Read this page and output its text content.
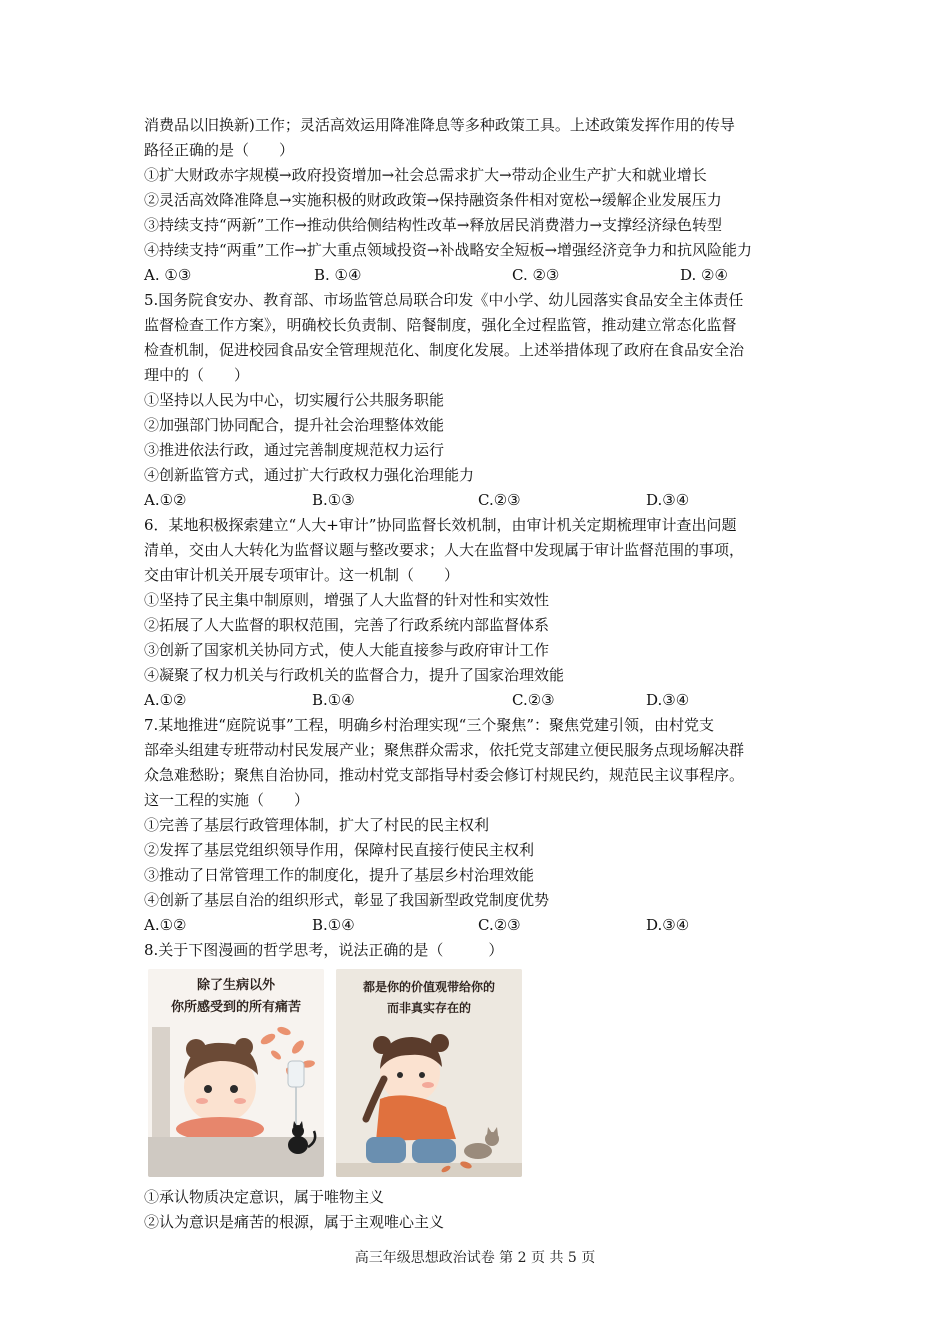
消费品以旧换新)工作；灵活高效运用降准降息等多种政策工具。上述政策发挥作用的传导

路径正确的是（　　）

①扩大财政赤字规模→政府投资增加→社会总需求扩大→带动企业生产扩大和就业增长

②灵活高效降准降息→实施积极的财政政策→保持融资条件相对宽松→缓解企业发展压力

③持续支持“两新”工作→推动供给侧结构性改革→释放居民消费潜力→支撑经济绿色转型

④持续支持“两重”工作→扩大重点领域投资→补战略安全短板→增强经济竞争力和抗风险能力

A. ①③	B. ①④	C. ②③	D. ②④

5.国务院食安办、教育部、市场监管总局联合印发《中小学、幼儿园落实食品安全主体责任

监督检查工作方案》，明确校长负责制、陪餐制度，强化全过程监管，推动建立常态化监督

检查机制，促进校园食品安全管理规范化、制度化发展。上述举措体现了政府在食品安全治

理中的（　　）

①坚持以人民为中心，切实履行公共服务职能

②加强部门协同配合，提升社会治理整体效能

③推进依法行政，通过完善制度规范权力运行

④创新监管方式，通过扩大行政权力强化治理能力

A.①②	B.①③	C.②③	D.③④

6．某地积极探索建立“人大+审计”协同监督长效机制，由审计机关定期梳理审计查出问题

清单，交由人大转化为监督议题与整改要求；人大在监督中发现属于审计监督范围的事项，

交由审计机关开展专项审计。这一机制（　　）

①坚持了民主集中制原则，增强了人大监督的针对性和实效性

②拓展了人大监督的职权范围，完善了行政系统内部监督体系

③创新了国家机关协同方式，使人大能直接参与政府审计工作

④凝聚了权力机关与行政机关的监督合力，提升了国家治理效能

A.①②	B.①④	C.②③	D.③④

7.某地推进“庭院说事”工程，明确乡村治理实现“三个聚焦”：聚焦党建引领，由村党支

部牵头组建专班带动村民发展产业；聚焦群众需求，依托党支部建立便民服务点现场解决群

众急难愁盼；聚焦自治协同，推动村党支部指导村委会修订村规民约，规范民主议事程序。

这一工程的实施（　　）

①完善了基层行政管理体制，扩大了村民的民主权利

②发挥了基层党组织领导作用，保障村民直接行使民主权利

③推动了日常管理工作的制度化，提升了基层乡村治理效能

④创新了基层自治的组织形式，彰显了我国新型政党制度优势

A.①②	B.①④	C.②③	D.③④

8.关于下图漫画的哲学思考，说法正确的是（　　　）

除了生病以外
你所感受到的所有痛苦
都是你的价值观带给你的
而非真实存在的

①承认物质决定意识，属于唯物主义

②认为意识是痛苦的根源，属于主观唯心主义

高三年级思想政治试卷 第 2 页 共 5 页
